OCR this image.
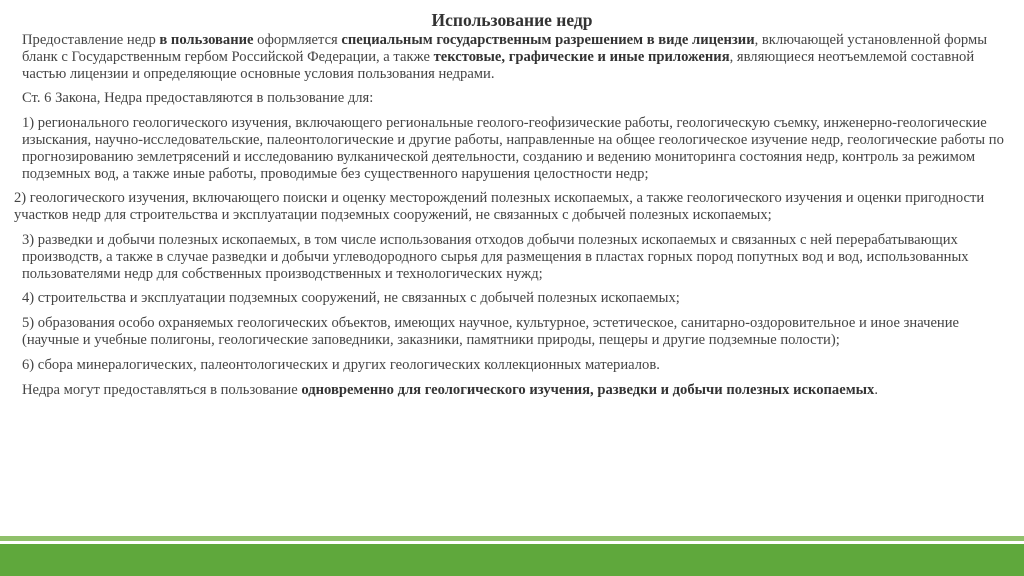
Использование недр

Предоставление недр в пользование оформляется специальным государственным разрешением в виде лицензии, включающей установленной формы бланк с Государственным гербом Российской Федерации, а также текстовые, графические и иные приложения, являющиеся неотъемлемой составной частью лицензии и определяющие основные условия пользования недрами.

Ст. 6 Закона, Недра предоставляются в пользование для:

1) регионального геологического изучения, включающего региональные геолого-геофизические работы, геологическую съемку, инженерно-геологические изыскания, научно-исследовательские, палеонтологические и другие работы, направленные на общее геологическое изучение недр, геологические работы по прогнозированию землетрясений и исследованию вулканической деятельности, созданию и ведению мониторинга состояния недр, контроль за режимом подземных вод, а также иные работы, проводимые без существенного нарушения целостности недр;

2) геологического изучения, включающего поиски и оценку месторождений полезных ископаемых, а также геологического изучения и оценки пригодности участков недр для строительства и эксплуатации подземных сооружений, не связанных с добычей полезных ископаемых;

3) разведки и добычи полезных ископаемых, в том числе использования отходов добычи полезных ископаемых и связанных с ней перерабатывающих производств, а также в случае разведки и добычи углеводородного сырья для размещения в пластах горных пород попутных вод и вод, использованных пользователями недр для собственных производственных и технологических нужд;

4) строительства и эксплуатации подземных сооружений, не связанных с добычей полезных ископаемых;

5) образования особо охраняемых геологических объектов, имеющих научное, культурное, эстетическое, санитарно-оздоровительное и иное значение (научные и учебные полигоны, геологические заповедники, заказники, памятники природы, пещеры и другие подземные полости);

6) сбора минералогических, палеонтологических и других геологических коллекционных материалов.

Недра могут предоставляться в пользование одновременно для геологического изучения, разведки и добычи полезных ископаемых.
